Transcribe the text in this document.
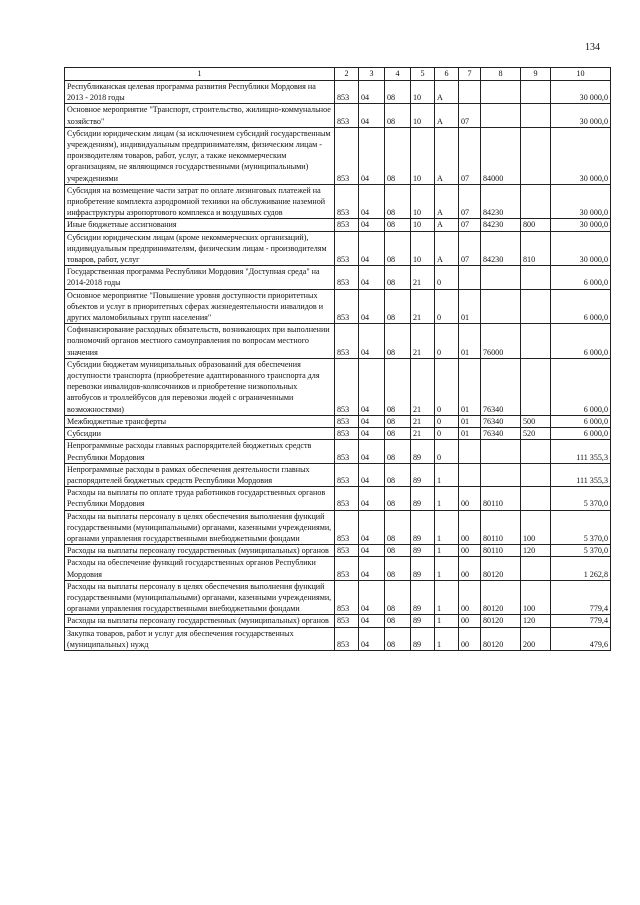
134
1	2	3	4	5	6	7	8	9	10
Республиканская целевая программа развития Республики Мордовия на 2013 - 2018 годы	853	04	08	10	А				30 000,0
Основное мероприятие "Транспорт, строительство, жилищно-коммунальное хозяйство"	853	04	08	10	А	07			30 000,0
Субсидии юридическим лицам (за исключением субсидий государственным учреждениям), индивидуальным предпринимателям, физическим лицам - производителям товаров, работ, услуг, а также некоммерческим организациям, не являющимся государственными (муниципальными) учреждениями	853	04	08	10	А	07	84000		30 000,0
Субсидия на возмещение части затрат по оплате лизинговых платежей на приобретение комплекта аэродромной техники на обслуживание наземной инфраструктуры аэропортового комплекса и воздушных судов	853	04	08	10	А	07	84230		30 000,0
Иные бюджетные ассигнования	853	04	08	10	А	07	84230	800	30 000,0
Субсидии юридическим лицам (кроме некоммерческих организаций), индивидуальным предпринимателям, физическим лицам - производителям товаров, работ, услуг	853	04	08	10	А	07	84230	810	30 000,0
Государственная программа Республики Мордовия "Доступная среда" на 2014-2018 годы	853	04	08	21	0				6 000,0
Основное мероприятие "Повышение уровня доступности приоритетных объектов и услуг в приоритетных сферах жизнедеятельности инвалидов и других маломобильных групп населения"	853	04	08	21	0	01			6 000,0
Софинансирование расходных обязательств, возникающих при выполнении полномочий органов местного самоуправления по вопросам местного значения	853	04	08	21	0	01	76000		6 000,0
Субсидии бюджетам муниципальных образований для обеспечения доступности транспорта (приобретение адаптированного транспорта для перевозки инвалидов-колясочников и приобретение низкопольных автобусов и троллейбусов для перевозки людей с ограниченными возможностями)	853	04	08	21	0	01	76340		6 000,0
Межбюджетные трансферты	853	04	08	21	0	01	76340	500	6 000,0
Субсидии	853	04	08	21	0	01	76340	520	6 000,0
Непрограммные расходы главных распорядителей бюджетных средств Республики Мордовия	853	04	08	89	0				111 355,3
Непрограммные расходы в рамках обеспечения деятельности главных распорядителей бюджетных средств Республики Мордовия	853	04	08	89	1				111 355,3
Расходы на выплаты по оплате труда работников государственных органов Республики Мордовия	853	04	08	89	1	00	80110		5 370,0
Расходы на выплаты персоналу в целях обеспечения выполнения функций государственными (муниципальными) органами, казенными учреждениями, органами управления государственными внебюджетными фондами	853	04	08	89	1	00	80110	100	5 370,0
Расходы на выплаты персоналу государственных (муниципальных) органов	853	04	08	89	1	00	80110	120	5 370,0
Расходы на обеспечение функций государственных органов Республики Мордовия	853	04	08	89	1	00	80120		1 262,8
Расходы на выплаты персоналу в целях обеспечения выполнения функций государственными (муниципальными) органами, казенными учреждениями, органами управления государственными внебюджетными фондами	853	04	08	89	1	00	80120	100	779,4
Расходы на выплаты персоналу государственных (муниципальных) органов	853	04	08	89	1	00	80120	120	779,4
Закупка товаров, работ и услуг для обеспечения государственных (муниципальных) нужд	853	04	08	89	1	00	80120	200	479,6
